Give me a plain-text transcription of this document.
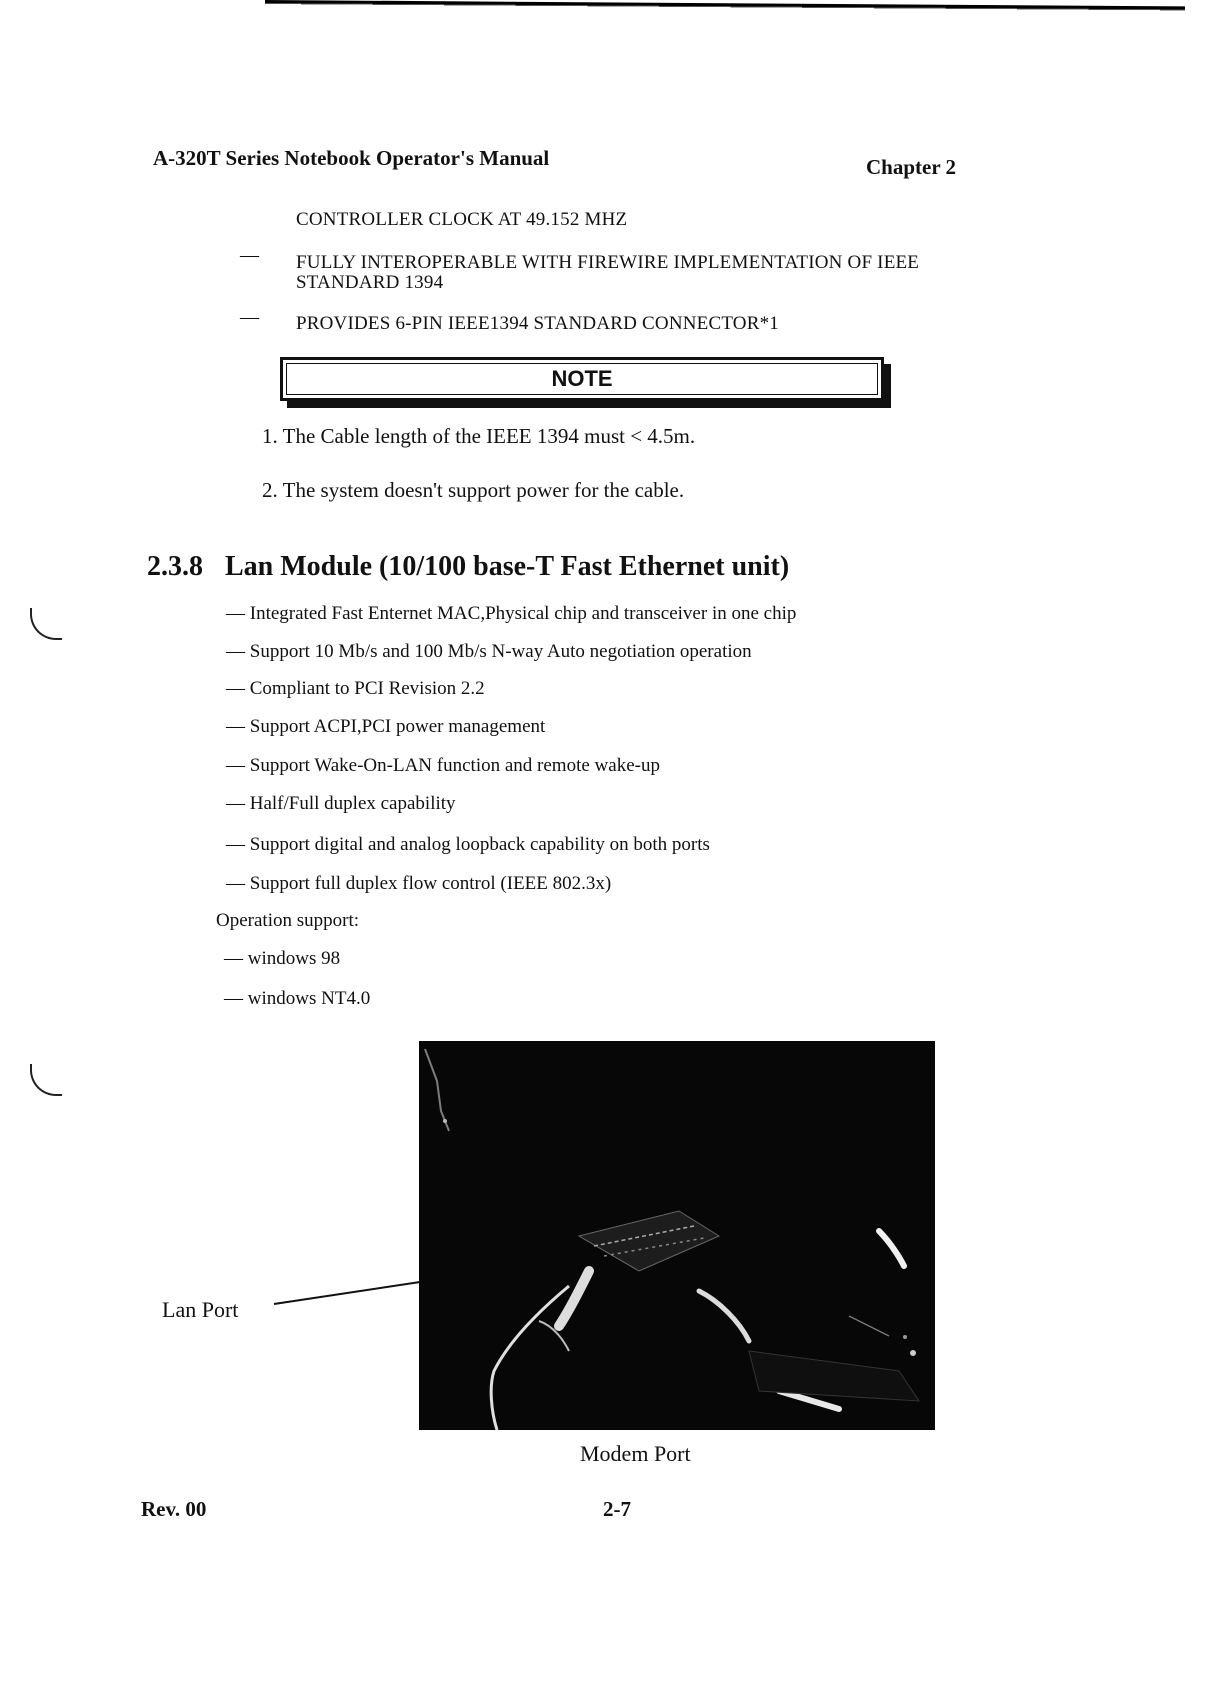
A-320T Series Notebook Operator's Manual	Chapter 2
CONTROLLER CLOCK AT 49.152 MHZ
— FULLY INTEROPERABLE WITH FIREWIRE IMPLEMENTATION OF IEEE
STANDARD 1394
— PROVIDES 6-PIN IEEE1394 STANDARD CONNECTOR*1
NOTE
1. The Cable length of the IEEE 1394 must < 4.5m.
2. The system doesn't support power for the cable.
2.3.8 Lan Module (10/100 base-T Fast Ethernet unit)
— Integrated Fast Enternet MAC,Physical chip and transceiver in one chip
— Support 10 Mb/s and 100 Mb/s N-way Auto negotiation operation
— Compliant to PCI Revision 2.2
— Support ACPI,PCI power management
— Support Wake-On-LAN function and remote wake-up
— Half/Full duplex capability
— Support digital and analog loopback capability on both ports
— Support full duplex flow control (IEEE 802.3x)
Operation support:
— windows 98
— windows NT4.0
Lan Port
Modem Port
Rev. 00	2-7
